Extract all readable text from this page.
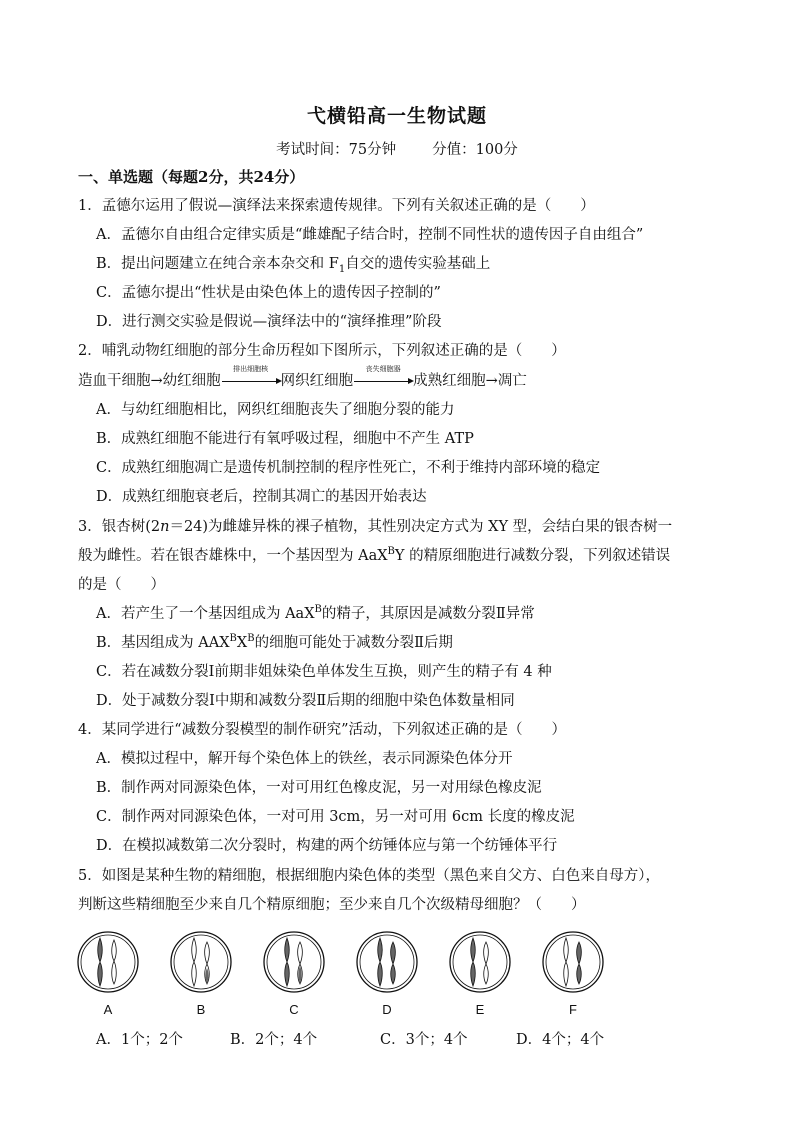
弋横铅高一生物试题
考试时间：75分钟 分值：100分
一、单选题（每题2分，共24分）
1．孟德尔运用了假说—演绎法来探索遗传规律。下列有关叙述正确的是（　　）
A．孟德尔自由组合定律实质是“雌雄配子结合时，控制不同性状的遗传因子自由组合”
B．提出问题建立在纯合亲本杂交和 $F_1$自交的遗传实验基础上
C．孟德尔提出“性状是由染色体上的遗传因子控制的”
D．进行测交实验是假说—演绎法中的“演绎推理”阶段
2．哺乳动物红细胞的部分生命历程如下图所示，下列叙述正确的是（　　）
造血干细胞→幼红细胞
排出细胞核
网织红细胞
丧失细胞器
成熟红细胞→凋亡
A．与幼红细胞相比，网织红细胞丧失了细胞分裂的能力
B．成熟红细胞不能进行有氧呼吸过程，细胞中不产生 ATP
C．成熟红细胞凋亡是遗传机制控制的程序性死亡，不利于维持内部环境的稳定
D．成熟红细胞衰老后，控制其凋亡的基因开始表达
3．银杏树(2n＝24)为雌雄异株的裸子植物，其性别决定方式为 XY 型，会结白果的银杏树一
般为雌性。若在银杏雄株中，一个基因型为 AaX$^B$Y 的精原细胞进行减数分裂，下列叙述错误
的是（　　）
A．若产生了一个基因组成为 AaX$^B$的精子，其原因是减数分裂Ⅱ异常
B．基因组成为 $AAX^BX^B$的细胞可能处于减数分裂Ⅱ后期
C．若在减数分裂Ⅰ前期非姐妹染色单体发生互换，则产生的精子有 4 种
D．处于减数分裂Ⅰ中期和减数分裂Ⅱ后期的细胞中染色体数量相同
4．某同学进行“减数分裂模型的制作研究”活动，下列叙述正确的是（　　）
A．模拟过程中，解开每个染色体上的铁丝，表示同源染色体分开
B．制作两对同源染色体，一对可用红色橡皮泥，另一对用绿色橡皮泥
C．制作两对同源染色体，一对可用 3cm，另一对可用 6cm 长度的橡皮泥
D．在模拟减数第二次分裂时，构建的两个纺锤体应与第一个纺锤体平行
5．如图是某种生物的精细胞，根据细胞内染色体的类型（黑色来自父方、白色来自母方），
判断这些精细胞至少来自几个精原细胞；至少来自几个次级精母细胞？（　　）
A	B	C	D	E	F
A．1个；2个	B．2个；4个	C．3个；4个	D．4个；4个
